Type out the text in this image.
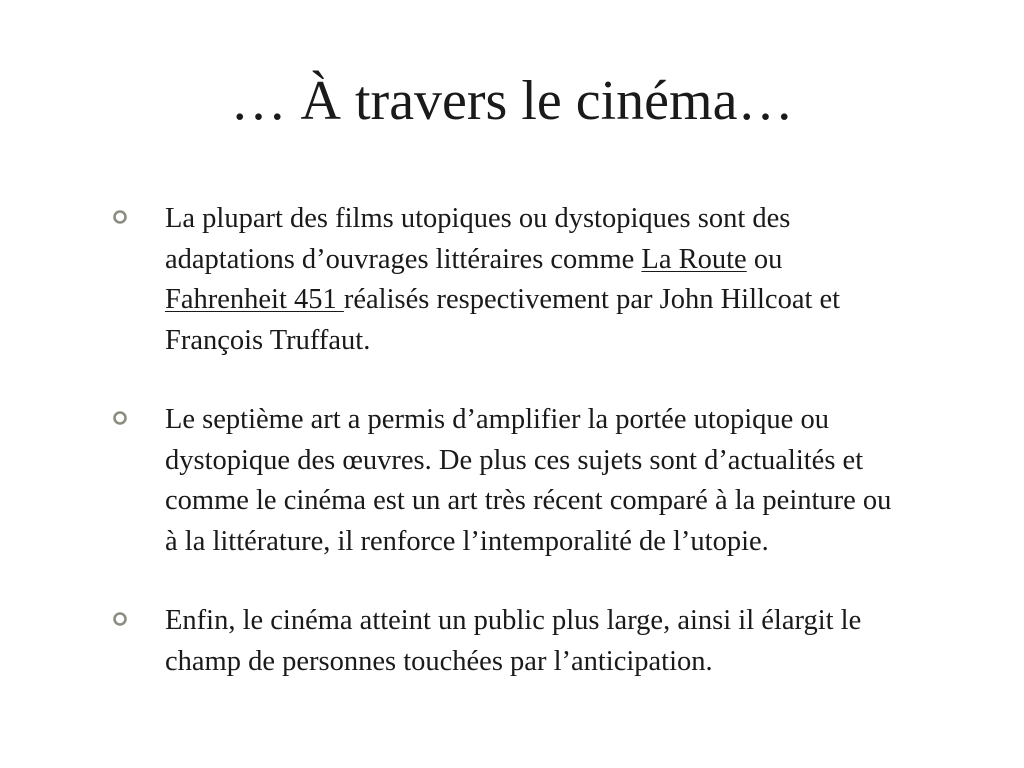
… À travers le cinéma…
La plupart des films utopiques ou dystopiques sont des adaptations d’ouvrages littéraires comme La Route ou Fahrenheit 451 réalisés respectivement par John Hillcoat et François Truffaut.
Le septième art a permis d’amplifier la portée utopique ou dystopique des œuvres. De plus ces sujets sont d’actualités et comme le cinéma est un art très récent comparé à la peinture ou à la littérature, il renforce l’intemporalité de l’utopie.
Enfin, le cinéma atteint un public plus large, ainsi il élargit le champ de personnes touchées par l’anticipation.
